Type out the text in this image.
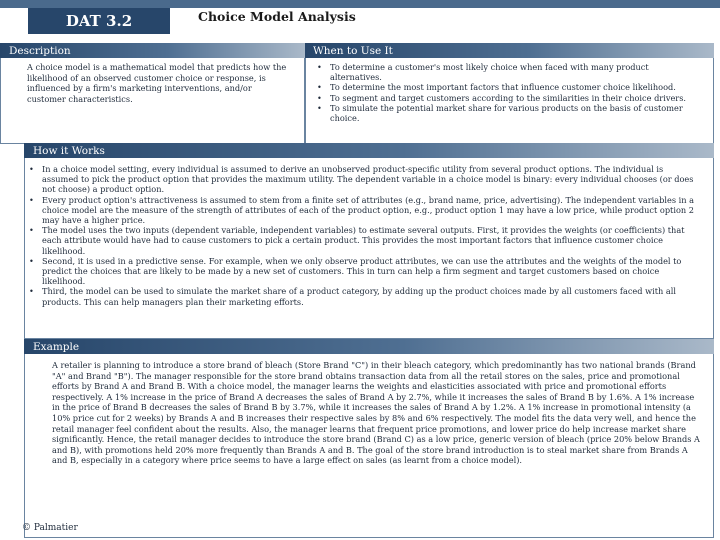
DAT 3.2	Choice Model Analysis
Description

A choice model is a mathematical model that predicts how the likelihood of an observed customer choice or response, is influenced by a firm's marketing interventions, and/or customer characteristics.

When to Use It
• To determine a customer's most likely choice when faced with many product alternatives.
• To determine the most important factors that influence customer choice likelihood.
• To segment and target customers according to the similarities in their choice drivers.
• To simulate the potential market share for various products on the basis of customer choice.
How it Works
• In a choice model setting, every individual is assumed to derive an unobserved product-specific utility from several product options. The individual is assumed to pick the product option that provides the maximum utility. The dependent variable in a choice model is binary: every individual chooses (or does not choose) a product option.
• Every product option's attractiveness is assumed to stem from a finite set of attributes (e.g., brand name, price, advertising). The independent variables in a choice model are the measure of the strength of attributes of each of the product option, e.g., product option 1 may have a low price, while product option 2 may have a higher price.
• The model uses the two inputs (dependent variable, independent variables) to estimate several outputs. First, it provides the weights (or coefficients) that each attribute would have had to cause customers to pick a certain product. This provides the most important factors that influence customer choice likelihood.
• Second, it is used in a predictive sense. For example, when we only observe product attributes, we can use the attributes and the weights of the model to predict the choices that are likely to be made by a new set of customers. This in turn can help a firm segment and target customers based on choice likelihood.
• Third, the model can be used to simulate the market share of a product category, by adding up the product choices made by all customers faced with all products. This can help managers plan their marketing efforts.
Example

A retailer is planning to introduce a store brand of bleach (Store Brand "C") in their bleach category, which predominantly has two national brands (Brand "A" and Brand "B"). The manager responsible for the store brand obtains transaction data from all the retail stores on the sales, price and promotional efforts by Brand A and Brand B. With a choice model, the manager learns the weights and elasticities associated with price and promotional efforts respectively. A 1% increase in the price of Brand A decreases the sales of Brand A by 2.7%, while it increases the sales of Brand B by 1.6%. A 1% increase in the price of Brand B decreases the sales of Brand B by 3.7%, while it increases the sales of Brand A by 1.2%. A 1% increase in promotional intensity (a 10% price cut for 2 weeks) by Brands A and B increases their respective sales by 8% and 6% respectively. The model fits the data very well, and hence the retail manager feel confident about the results. Also, the manager learns that frequent price promotions, and lower price do help increase market share significantly. Hence, the retail manager decides to introduce the store brand (Brand C) as a low price, generic version of bleach (price 20% below Brands A and B), with promotions held 20% more frequently than Brands A and B. The goal of the store brand introduction is to steal market share from Brands A and B, especially in a category where price seems to have a large effect on sales (as learnt from a choice model).

© Palmatier
